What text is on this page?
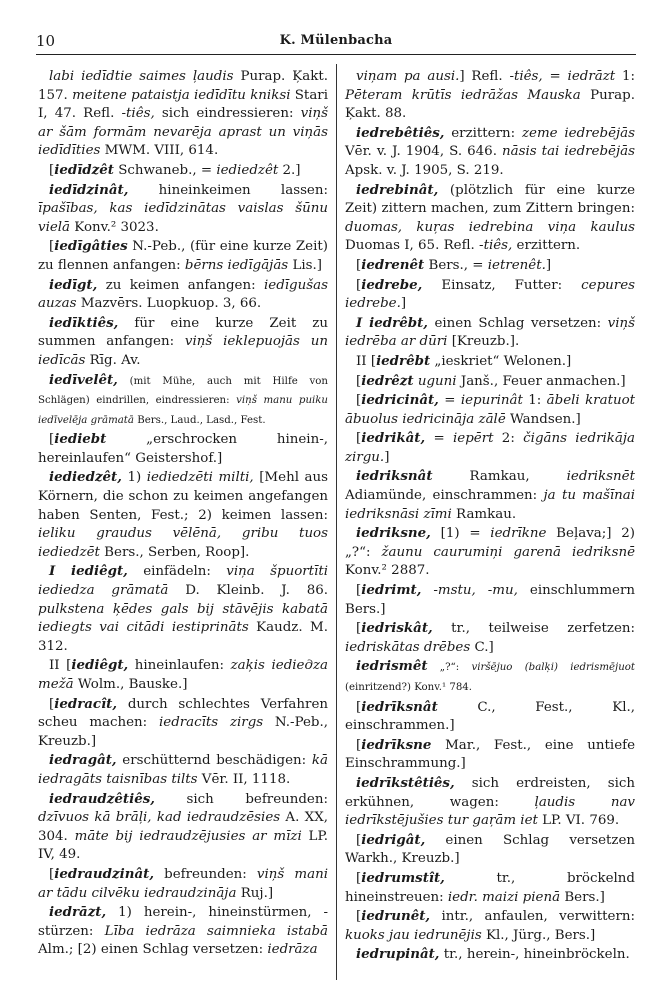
10	K. Mülenbacha

labi iedīdtie saimes ļaudis Purap. Ķakt. 157. meitene pataistja iedīdītu kniksi Stari I, 47. Refl. -tiês, sich eindressieren: viņš ar šām formām nevarēja aprast un viņās iedīdīties MWM. VIII, 614.

[iedīdzêt Schwaneb., = iediedzêt 2.]

iedīdzinât, hineinkeimen lassen: īpašības, kas iedīdzinātas vaislas šūnu vielā Konv.² 3023.

[iedīgâties N.-Peb., (für eine kurze Zeit) zu flennen anfangen: bērns iedīgājās Lis.]

iedīgt, zu keimen anfangen: iedīgušas auzas Mazvērs. Luopkuop. 3, 66.

iedīktiês, für eine kurze Zeit zu summen anfangen: viņš ieklepuojās un iedīcās Rīg. Av.

iedīvelêt, (mit Mühe, auch mit Hilfe von Schlägen) eindrillen, eindressieren: viņš manu puiku iedīvelēja grāmatā Bers., Laud., Lasd., Fest.

[iediebt „erschrocken hinein-, hereinlaufen“ Geistershof.]

iediedzêt, 1) iediedzēti milti, [Mehl aus Körnern, die schon zu keimen angefangen haben Senten, Fest.; 2) keimen lassen: ieliku graudus vēlēnā, gribu tuos iediedzēt Bers., Serben, Roop].

I iediêgt, einfädeln: viņa špuortīti iediedza grāmatā D. Kleinb. J. 86. pulkstenа ķēdes gals bij stāvējis kabatā iediegts vai citādi iestiprināts Kaudz. M. 312.

II [iediêgt, hineinlaufen: zaķis iedieдza mežā Wolm., Bauske.]

[iedracît, durch schlechtes Verfahren scheu machen: iedracīts zirgs N.-Peb., Kreuzb.]

iedragât, erschütternd beschädigen: kā iedragāts taisnības tilts Vēr. II, 1118.

iedraudzêtiês, sich befreunden: dzīvuos kā brāļi, kad iedraudzēsies A. XX, 304. māte bij iedraudzējusies ar mīzi LP. IV, 49.

[iedraudzinât, befreunden: viņš mani ar tādu cilvēku iedraudzināja Ruj.]

iedrāzt, 1) herein-, hineinstürmen, -stürzen: Lība iedrāza saimnieka istabā Alm.; [2) einen Schlag versetzen: iedrāza

viņam pa ausi.] Refl. -tiês, = iedrāzt 1: Pēteram krūtīs iedrāžas Mauska Purap. Ķakt. 88.

iedrebêtiês, erzittern: zeme iedrebējās Vēr. v. J. 1904, S. 646. nāsis tai iedrebējās Apsk. v. J. 1905, S. 219.

iedrebinât, (plötzlich für eine kurze Zeit) zittern machen, zum Zittern bringen: duomas, kuŗas iedrebina viņa kaulus Duomas I, 65. Refl. -tiês, erzittern.

[iedrenêt Bers., = ietrenêt.]

[iedrebe, Einsatz, Futter: cepures iedrebe.]

I iedrêbt, einen Schlag versetzen: viņš iedrēba ar dūri [Kreuzb.].

II [iedrêbt „ieskriet“ Welonen.]

[iedrêzt uguni Janš., Feuer anmachen.]

[iedricinât, = iepurinât 1: ābeli kratuot ābuolus iedricināja zālē Wandsen.]

[iedrikât, = iepērt 2: čigāns iedrikāja zirgu.]

iedriksnât Ramkau, iedriksnēt Adiamünde, einschrammen: ja tu mašīnai iedriksnāsi zīmi Ramkau.

iedriksne, [1) = iedrīkne Beļava;] 2) „?“: žaunu caurumiņi garenā iedriksnē Konv.² 2887.

[iedrimt, -mstu, -mu, einschlummern Bers.]

[iedriskât, tr., teilweise zerfetzen: iedriskātas drēbes C.]

iedrismêt „?“: viršējuo (balķi) iedrismējuot (einritzend?) Konv.¹ 784.

[iedrīksnât C., Fest., Kl., einschrammen.]

[iedrīksne Mar., Fest., eine untiefe Einschrammung.]

iedrīkstêtiês, sich erdreisten, sich erkühnen, wagen: ļaudis nav iedrīkstējušies tur gaŗām iet LP. VI. 769.

[iedrigât, einen Schlag versetzen Warkh., Kreuzb.]

[iedrumstît, tr., bröckelnd hineinstreuen: iedr. maizi pienā Bers.]

[iedrunêt, intr., anfaulen, verwittern: kuoks jau iedrunējis Kl., Jürg., Bers.]

iedrupinât, tr., herein-, hineinbröckeln.
